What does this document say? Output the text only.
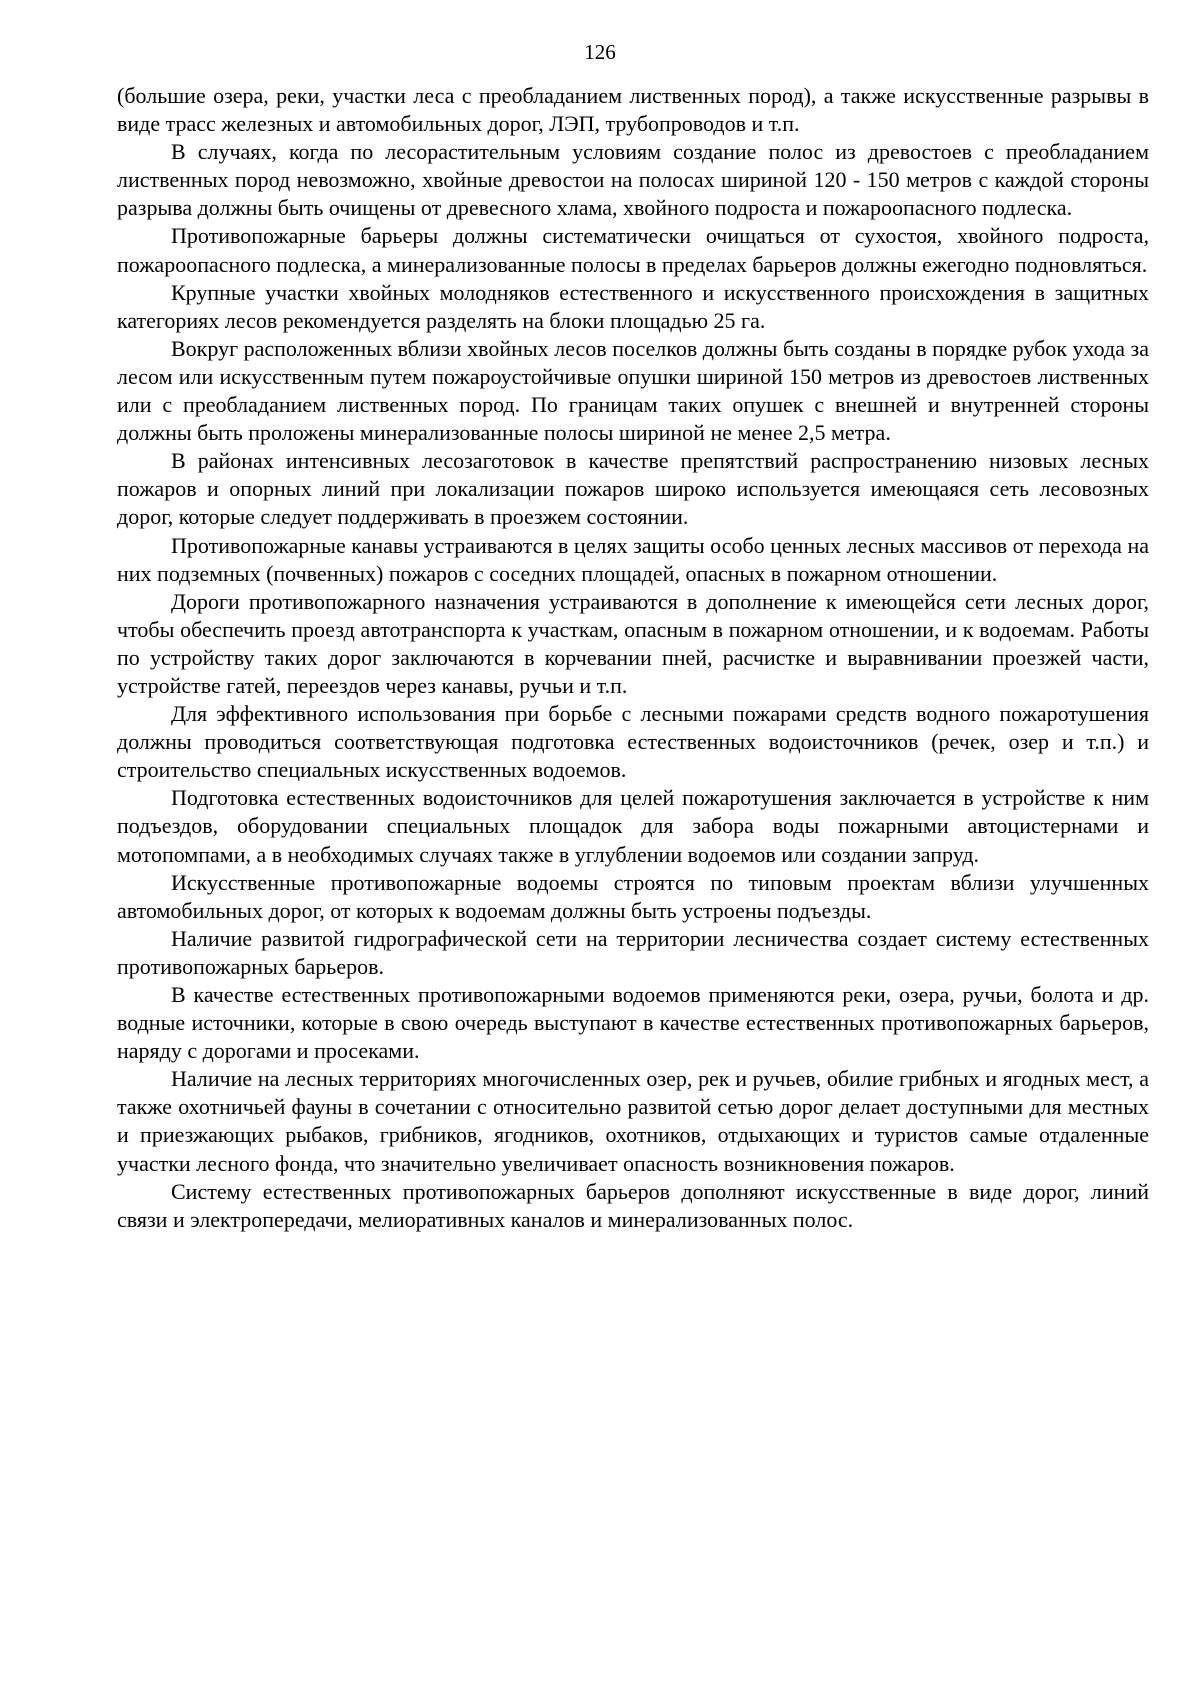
126

(большие озера, реки, участки леса с преобладанием лиственных пород), а также искусственные разрывы в виде трасс железных и автомобильных дорог, ЛЭП, трубопроводов и т.п.

В случаях, когда по лесорастительным условиям создание полос из древостоев с преобладанием лиственных пород невозможно, хвойные древостои на полосах шириной 120 - 150 метров с каждой стороны разрыва должны быть очищены от древесного хлама, хвойного подроста и пожароопасного подлеска.

Противопожарные барьеры должны систематически очищаться от сухостоя, хвойного подроста, пожароопасного подлеска, а минерализованные полосы в пределах барьеров должны ежегодно подновляться.

Крупные участки хвойных молодняков естественного и искусственного происхождения в защитных категориях лесов рекомендуется разделять на блоки площадью 25 га.

Вокруг расположенных вблизи хвойных лесов поселков должны быть созданы в порядке рубок ухода за лесом или искусственным путем пожароустойчивые опушки шириной 150 метров из древостоев лиственных или с преобладанием лиственных пород. По границам таких опушек с внешней и внутренней стороны должны быть проложены минерализованные полосы шириной не менее 2,5 метра.

В районах интенсивных лесозаготовок в качестве препятствий распространению низовых лесных пожаров и опорных линий при локализации пожаров широко используется имеющаяся сеть лесовозных дорог, которые следует поддерживать в проезжем состоянии.

Противопожарные канавы устраиваются в целях защиты особо ценных лесных массивов от перехода на них подземных (почвенных) пожаров с соседних площадей, опасных в пожарном отношении.

Дороги противопожарного назначения устраиваются в дополнение к имеющейся сети лесных дорог, чтобы обеспечить проезд автотранспорта к участкам, опасным в пожарном отношении, и к водоемам. Работы по устройству таких дорог заключаются в корчевании пней, расчистке и выравнивании проезжей части, устройстве гатей, переездов через канавы, ручьи и т.п.

Для эффективного использования при борьбе с лесными пожарами средств водного пожаротушения должны проводиться соответствующая подготовка естественных водоисточников (речек, озер и т.п.) и строительство специальных искусственных водоемов.

Подготовка естественных водоисточников для целей пожаротушения заключается в устройстве к ним подъездов, оборудовании специальных площадок для забора воды пожарными автоцистернами и мотопомпами, а в необходимых случаях также в углублении водоемов или создании запруд.

Искусственные противопожарные водоемы строятся по типовым проектам вблизи улучшенных автомобильных дорог, от которых к водоемам должны быть устроены подъезды.

Наличие развитой гидрографической сети на территории лесничества создает систему естественных противопожарных барьеров.

В качестве естественных противопожарными водоемов применяются реки, озера, ручьи, болота и др. водные источники, которые в свою очередь выступают в качестве естественных противопожарных барьеров, наряду с дорогами и просеками.

Наличие на лесных территориях многочисленных озер, рек и ручьев, обилие грибных и ягодных мест, а также охотничьей фауны в сочетании с относительно развитой сетью дорог делает доступными для местных и приезжающих рыбаков, грибников, ягодников, охотников, отдыхающих и туристов самые отдаленные участки лесного фонда, что значительно увеличивает опасность возникновения пожаров.

Систему естественных противопожарных барьеров дополняют искусственные в виде дорог, линий связи и электропередачи, мелиоративных каналов и минерализованных полос.
